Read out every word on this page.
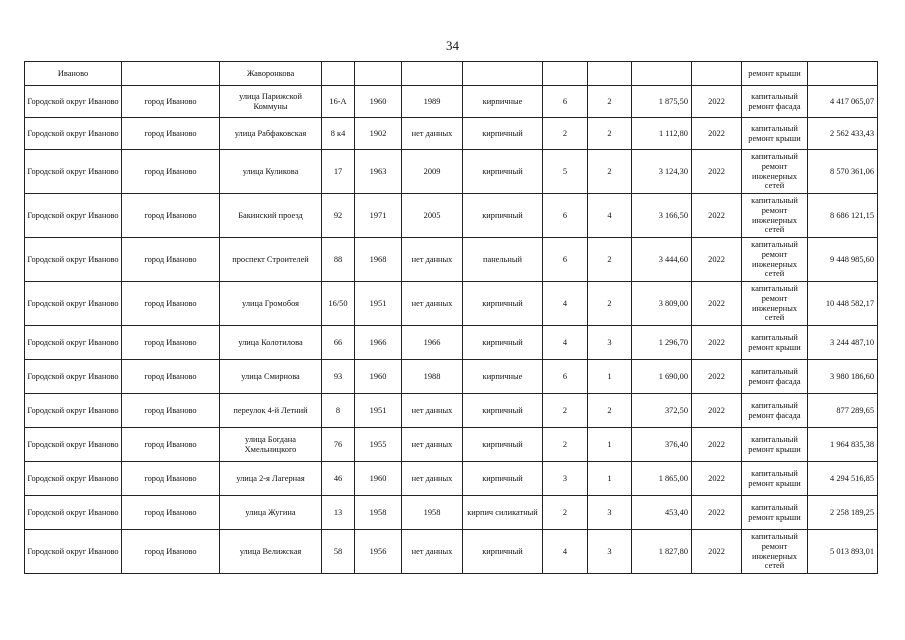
34
Иваново		Жаворонкова									ремонт крыши	
Городской округ Иваново	город Иваново	улица Парижской Коммуны	16-А	1960	1989	кирпичные	6	2	1 875,50	2022	капитальный ремонт фасада	4 417 065,07
Городской округ Иваново	город Иваново	улица Рабфаковская	8 к4	1902	нет данных	кирпичный	2	2	1 112,80	2022	капитальный ремонт крыши	2 562 433,43
Городской округ Иваново	город Иваново	улица Куликова	17	1963	2009	кирпичный	5	2	3 124,30	2022	капитальный ремонт инженерных сетей	8 570 361,06
Городской округ Иваново	город Иваново	Бакинский проезд	92	1971	2005	кирпичный	6	4	3 166,50	2022	капитальный ремонт инженерных сетей	8 686 121,15
Городской округ Иваново	город Иваново	проспект Строителей	88	1968	нет данных	панельный	6	2	3 444,60	2022	капитальный ремонт инженерных сетей	9 448 985,60
Городской округ Иваново	город Иваново	улица Громобоя	16/50	1951	нет данных	кирпичный	4	2	3 809,00	2022	капитальный ремонт инженерных сетей	10 448 582,17
Городской округ Иваново	город Иваново	улица Колотилова	66	1966	1966	кирпичный	4	3	1 296,70	2022	капитальный ремонт крыши	3 244 487,10
Городской округ Иваново	город Иваново	улица Смирнова	93	1960	1988	кирпичные	6	1	1 690,00	2022	капитальный ремонт фасада	3 980 186,60
Городской округ Иваново	город Иваново	переулок 4-й Летний	8	1951	нет данных	кирпичный	2	2	372,50	2022	капитальный ремонт фасада	877 289,65
Городской округ Иваново	город Иваново	улица Богдана Хмельницкого	76	1955	нет данных	кирпичный	2	1	376,40	2022	капитальный ремонт крыши	1 964 835,38
Городской округ Иваново	город Иваново	улица 2-я Лагерная	46	1960	нет данных	кирпичный	3	1	1 865,00	2022	капитальный ремонт крыши	4 294 516,85
Городской округ Иваново	город Иваново	улица Жугина	13	1958	1958	кирпич силикатный	2	3	453,40	2022	капитальный ремонт крыши	2 258 189,25
Городской округ Иваново	город Иваново	улица Велижская	58	1956	нет данных	кирпичный	4	3	1 827,80	2022	капитальный ремонт инженерных сетей	5 013 893,01
